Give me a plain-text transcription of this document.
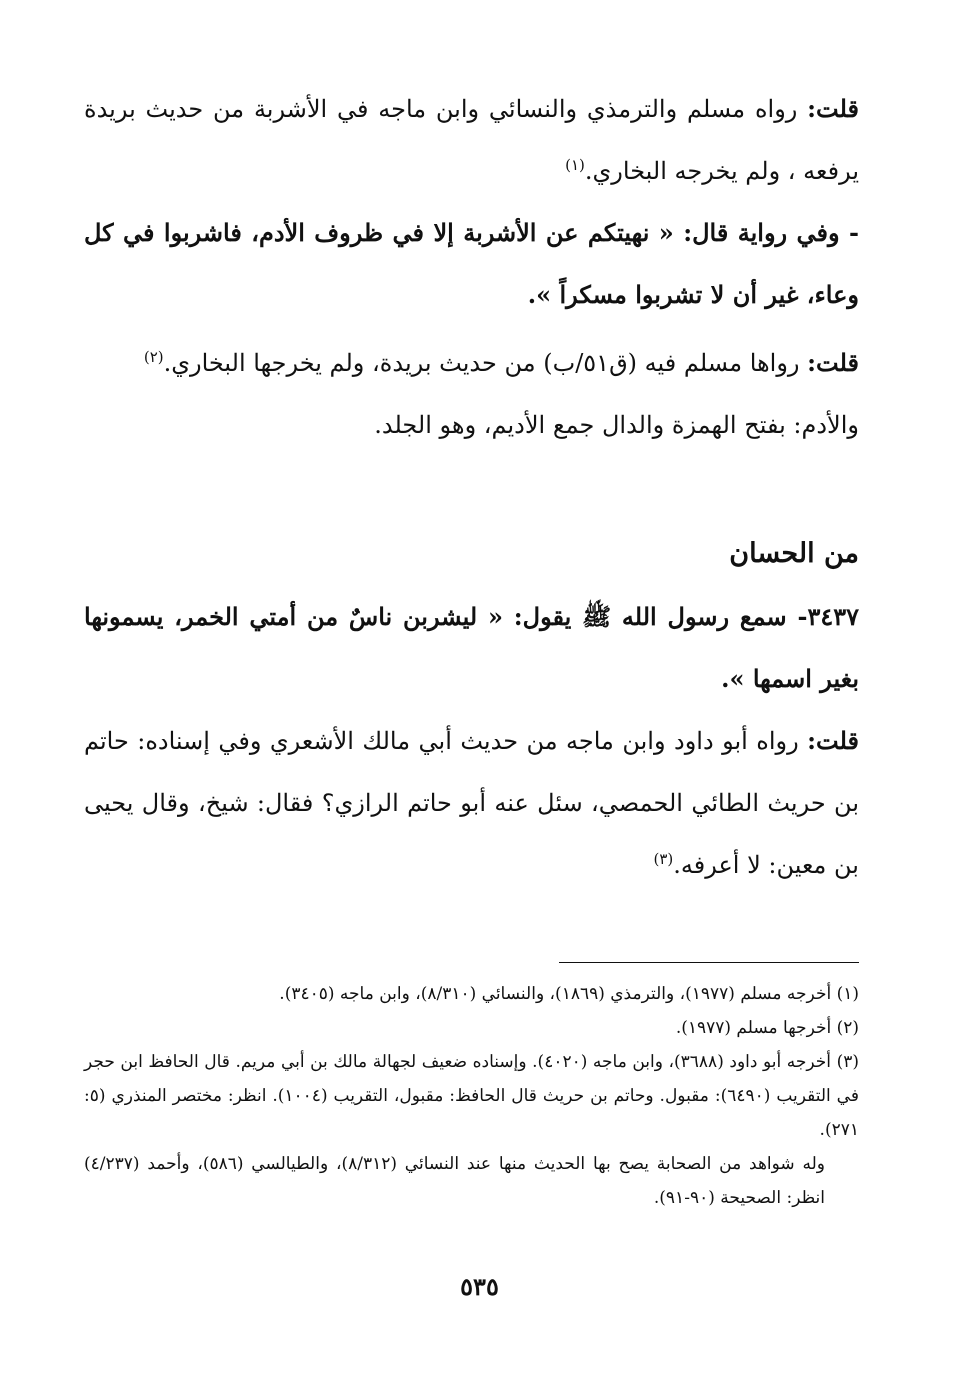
قلت: رواه مسلم والترمذي والنسائي وابن ماجه في الأشربة من حديث بريدة يرفعه ، ولم يخرجه البخاري.$^{(١)}$

- وفي رواية قال: « نهيتكم عن الأشربة إلا في ظروف الأدم، فاشربوا في كل وعاء، غير أن لا تشربوا مسكراً ».

قلت: رواها مسلم فيه (ق٥١/ب) من حديث بريدة، ولم يخرجها البخاري.$^{(٢)}$

والأدم: بفتح الهمزة والدال جمع الأديم، وهو الجلد.

من الحسان

٣٤٣٧- سمع رسول الله ﷺ يقول: « ليشربن ناسٌ من أمتي الخمر، يسمونها بغير اسمها ».

قلت: رواه أبو داود وابن ماجه من حديث أبي مالك الأشعري وفي إسناده: حاتم بن حريث الطائي الحمصي، سئل عنه أبو حاتم الرازي؟ فقال: شيخ، وقال يحيى بن معين: لا أعرفه.$^{(٣)}$

(١) أخرجه مسلم (١٩٧٧)، والترمذي (١٨٦٩)، والنسائي (٨/٣١٠)، وابن ماجه (٣٤٠٥).

(٢) أخرجها مسلم (١٩٧٧).

(٣) أخرجه أبو داود (٣٦٨٨)، وابن ماجه (٤٠٢٠). وإسناده ضعيف لجهالة مالك بن أبي مريم. قال الحافظ ابن حجر في التقريب (٦٤٩٠): مقبول. وحاتم بن حريث قال الحافظ: مقبول، التقريب (١٠٠٤). انظر: مختصر المنذري (٥: ٢٧١).

وله شواهد من الصحابة يصح بها الحديث منها عند النسائي (٨/٣١٢)، والطيالسي (٥٨٦)، وأحمد (٤/٢٣٧) انظر: الصحيحة (٩٠-٩١).

٥٣٥
